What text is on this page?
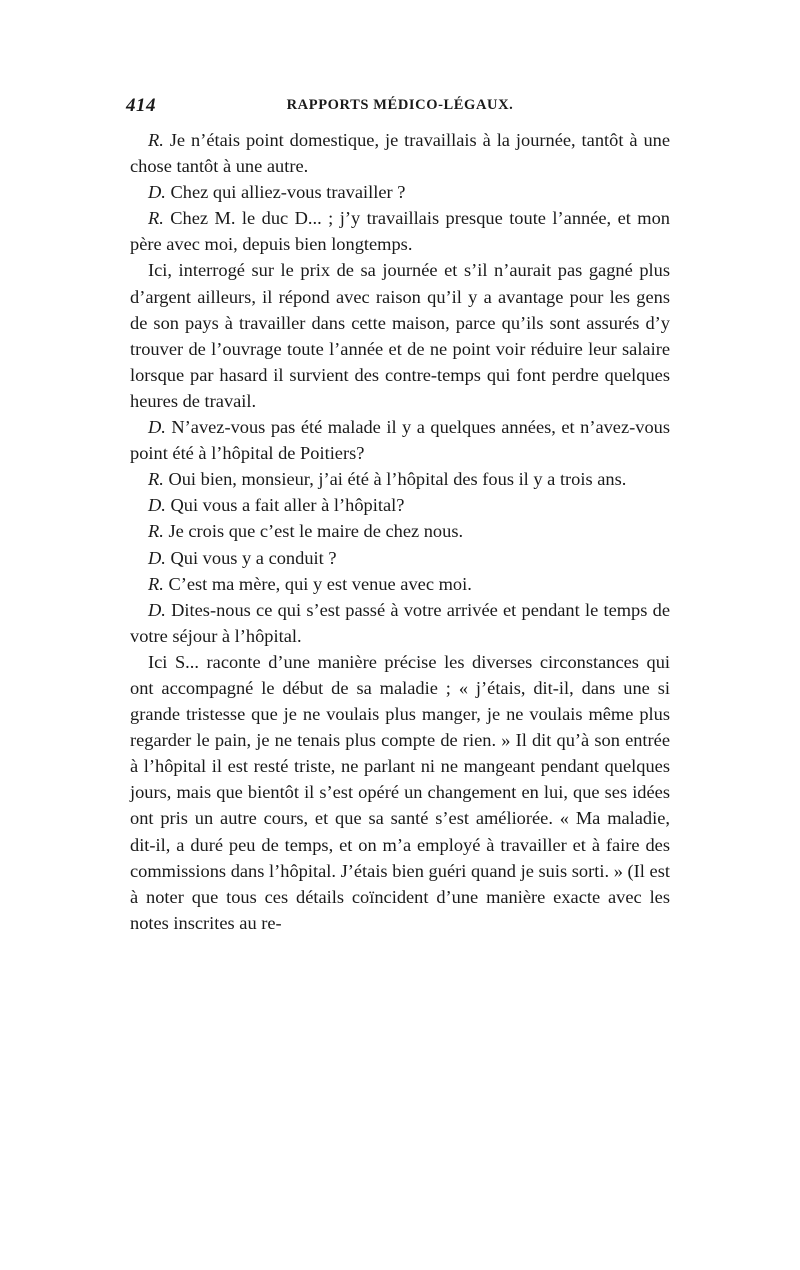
414	RAPPORTS MÉDICO-LÉGAUX.

R. Je n’étais point domestique, je travaillais à la journée, tantôt à une chose tantôt à une autre.

D. Chez qui alliez-vous travailler ?

R. Chez M. le duc D... ; j’y travaillais presque toute l’année, et mon père avec moi, depuis bien longtemps.

Ici, interrogé sur le prix de sa journée et s’il n’aurait pas gagné plus d’argent ailleurs, il répond avec raison qu’il y a avantage pour les gens de son pays à travailler dans cette maison, parce qu’ils sont assurés d’y trouver de l’ouvrage toute l’année et de ne point voir réduire leur salaire lorsque par hasard il survient des contre-temps qui font perdre quelques heures de travail.

D. N’avez-vous pas été malade il y a quelques années, et n’avez-vous point été à l’hôpital de Poitiers?

R. Oui bien, monsieur, j’ai été à l’hôpital des fous il y a trois ans.

D. Qui vous a fait aller à l’hôpital?

R. Je crois que c’est le maire de chez nous.

D. Qui vous y a conduit ?

R. C’est ma mère, qui y est venue avec moi.

D. Dites-nous ce qui s’est passé à votre arrivée et pendant le temps de votre séjour à l’hôpital.

Ici S... raconte d’une manière précise les diverses circonstances qui ont accompagné le début de sa maladie ; « j’étais, dit-il, dans une si grande tristesse que je ne voulais plus manger, je ne voulais même plus regarder le pain, je ne tenais plus compte de rien. » Il dit qu’à son entrée à l’hôpital il est resté triste, ne parlant ni ne mangeant pendant quelques jours, mais que bientôt il s’est opéré un changement en lui, que ses idées ont pris un autre cours, et que sa santé s’est améliorée. « Ma maladie, dit-il, a duré peu de temps, et on m’a employé à travailler et à faire des commissions dans l’hôpital. J’étais bien guéri quand je suis sorti. » (Il est à noter que tous ces détails coïncident d’une manière exacte avec les notes inscrites au re-
